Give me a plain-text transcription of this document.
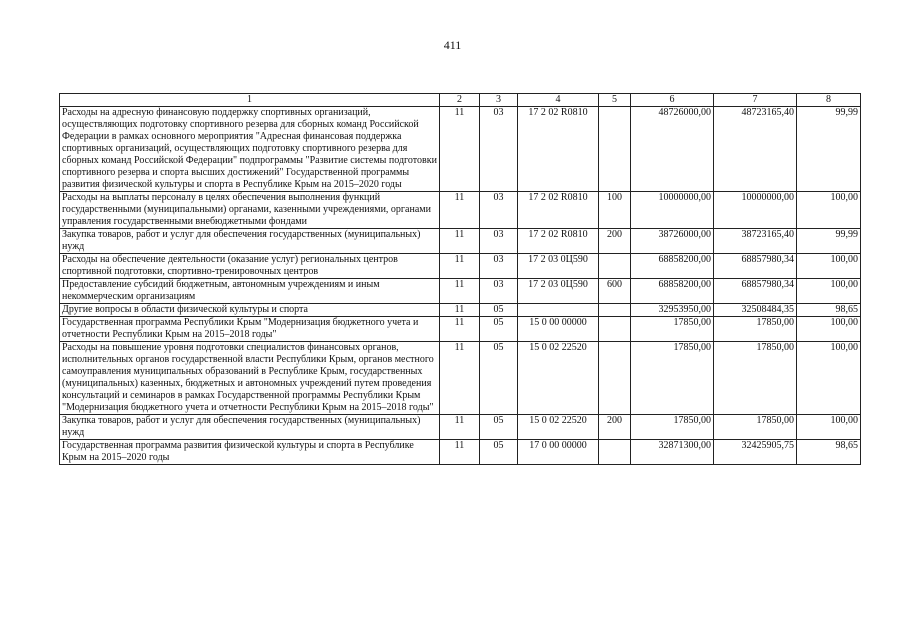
411
1	2	3	4	5	6	7	8
Расходы на адресную финансовую поддержку спортивных организаций, осуществляющих подготовку спортивного резерва для сборных команд Российской Федерации в рамках основного мероприятия "Адресная финансовая поддержка спортивных организаций, осуществляющих подготовку спортивного резерва для сборных команд Российской Федерации" подпрограммы "Развитие системы подготовки спортивного резерва и спорта высших достижений" Государственной программы развития физической культуры и спорта в Республике Крым на 2015–2020 годы	11	03	17 2 02 R0810		48726000,00	48723165,40	99,99
Расходы на выплаты персоналу в целях обеспечения выполнения функций государственными (муниципальными) органами, казенными учреждениями, органами управления государственными внебюджетными фондами	11	03	17 2 02 R0810	100	10000000,00	10000000,00	100,00
Закупка товаров, работ и услуг для обеспечения государственных (муниципальных) нужд	11	03	17 2 02 R0810	200	38726000,00	38723165,40	99,99
Расходы на обеспечение деятельности (оказание услуг) региональных центров спортивной подготовки, спортивно-тренировочных центров	11	03	17 2 03 0Ц590		68858200,00	68857980,34	100,00
Предоставление субсидий бюджетным, автономным учреждениям и иным некоммерческим организациям	11	03	17 2 03 0Ц590	600	68858200,00	68857980,34	100,00
Другие вопросы в области физической культуры и спорта	11	05			32953950,00	32508484,35	98,65
Государственная программа Республики Крым "Модернизация бюджетного учета и отчетности Республики Крым на 2015–2018 годы"	11	05	15 0 00 00000		17850,00	17850,00	100,00
Расходы на повышение уровня подготовки специалистов финансовых органов, исполнительных органов государственной власти Республики Крым, органов местного самоуправления муниципальных образований в Республике Крым, государственных (муниципальных) казенных, бюджетных и автономных учреждений путем проведения консультаций и семинаров в рамках Государственной программы Республики Крым "Модернизация бюджетного учета и отчетности Республики Крым на 2015–2018 годы"	11	05	15 0 02 22520		17850,00	17850,00	100,00
Закупка товаров, работ и услуг для обеспечения государственных (муниципальных) нужд	11	05	15 0 02 22520	200	17850,00	17850,00	100,00
Государственная программа развития физической культуры и спорта в Республике Крым на 2015–2020 годы	11	05	17 0 00 00000		32871300,00	32425905,75	98,65
